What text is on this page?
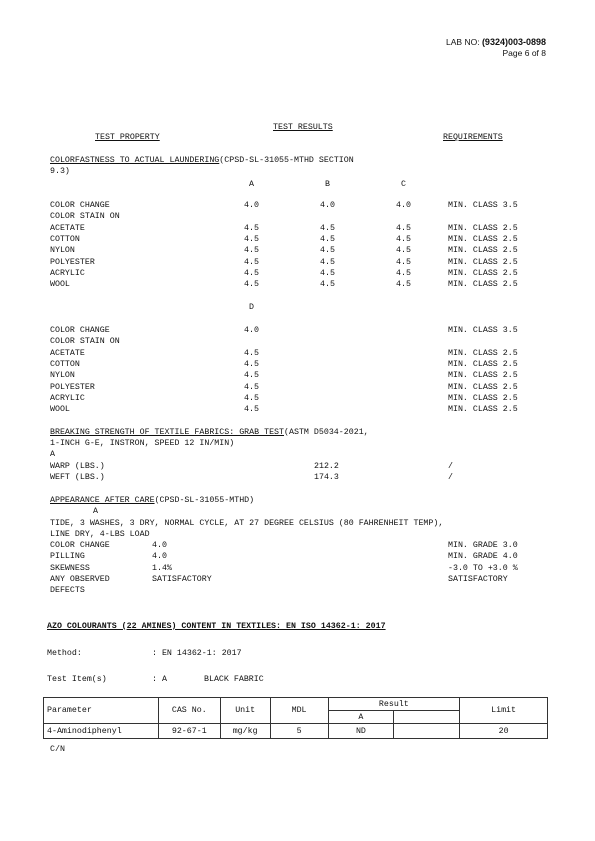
LAB NO: (9324)003-0898
Page 6 of 8
TEST RESULTS
TEST PROPERTY	REQUIREMENTS
COLORFASTNESS TO ACTUAL LAUNDERING(CPSD-SL-31055-MTHD SECTION
9.3)
A	B	C
COLOR CHANGE	4.0	4.0	4.0	MIN. CLASS 3.5
COLOR STAIN ON
ACETATE	4.5	4.5	4.5	MIN. CLASS 2.5
COTTON	4.5	4.5	4.5	MIN. CLASS 2.5
NYLON	4.5	4.5	4.5	MIN. CLASS 2.5
POLYESTER	4.5	4.5	4.5	MIN. CLASS 2.5
ACRYLIC	4.5	4.5	4.5	MIN. CLASS 2.5
WOOL	4.5	4.5	4.5	MIN. CLASS 2.5
D
COLOR CHANGE	4.0	MIN. CLASS 3.5
COLOR STAIN ON
ACETATE	4.5	MIN. CLASS 2.5
COTTON	4.5	MIN. CLASS 2.5
NYLON	4.5	MIN. CLASS 2.5
POLYESTER	4.5	MIN. CLASS 2.5
ACRYLIC	4.5	MIN. CLASS 2.5
WOOL	4.5	MIN. CLASS 2.5
BREAKING STRENGTH OF TEXTILE FABRICS: GRAB TEST(ASTM D5034-2021,
1-INCH G-E, INSTRON, SPEED 12 IN/MIN)
A
WARP (LBS.)	212.2	/
WEFT (LBS.)	174.3	/
APPEARANCE AFTER CARE(CPSD-SL-31055-MTHD)
A
TIDE, 3 WASHES, 3 DRY, NORMAL CYCLE, AT 27 DEGREE CELSIUS (80 FAHRENHEIT TEMP),
LINE DRY, 4-LBS LOAD
COLOR CHANGE	4.0	MIN. GRADE 3.0
PILLING	4.0	MIN. GRADE 4.0
SKEWNESS	1.4%	-3.0 TO +3.0 %
ANY OBSERVED	SATISFACTORY	SATISFACTORY
DEFECTS
AZO COLOURANTS (22 AMINES) CONTENT IN TEXTILES: EN ISO 14362-1: 2017
Method:	: EN 14362-1: 2017
Test Item(s)	: A	BLACK FABRIC
Parameter	CAS No.	Unit	MDL	Result		Limit
				A		
4-Aminodiphenyl	92-67-1	mg/kg	5	ND		20
C/N
